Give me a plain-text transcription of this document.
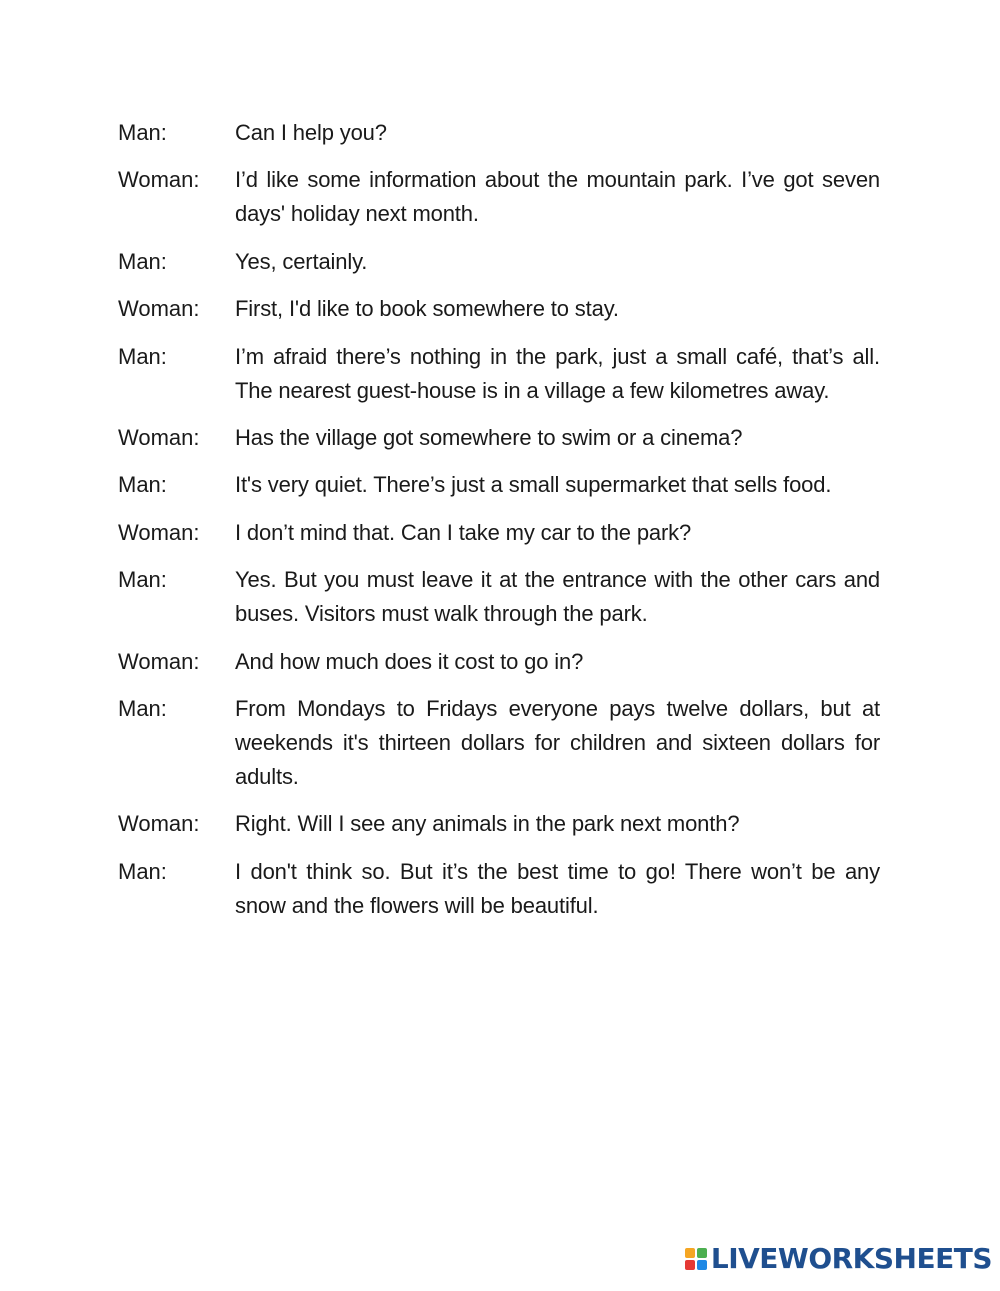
Man:	Can I help you?
Woman:	I’d like some information about the mountain park. I’ve got seven days' holiday next month.
Man:	Yes, certainly.
Woman:	First, I'd like to book somewhere to stay.
Man:	I’m afraid there’s nothing in the park, just a small café, that’s all. The nearest guest-house is in a village a few kilometres away.
Woman:	Has the village got somewhere to swim or a cinema?
Man:	It's very quiet. There’s just a small supermarket that sells food.
Woman:	I don’t mind that. Can I take my car to the park?
Man:	Yes. But you must leave it at the entrance with the other cars and buses. Visitors must walk through the park.
Woman:	And how much does it cost to go in?
Man:	From Mondays to Fridays everyone pays twelve dollars, but at weekends it's thirteen dollars for children and sixteen dollars for adults.
Woman:	Right. Will I see any animals in the park next month?
Man:	I don't think so. But it’s the best time to go! There won’t be any snow and the flowers will be beautiful.
LIVEWORKSHEETS
